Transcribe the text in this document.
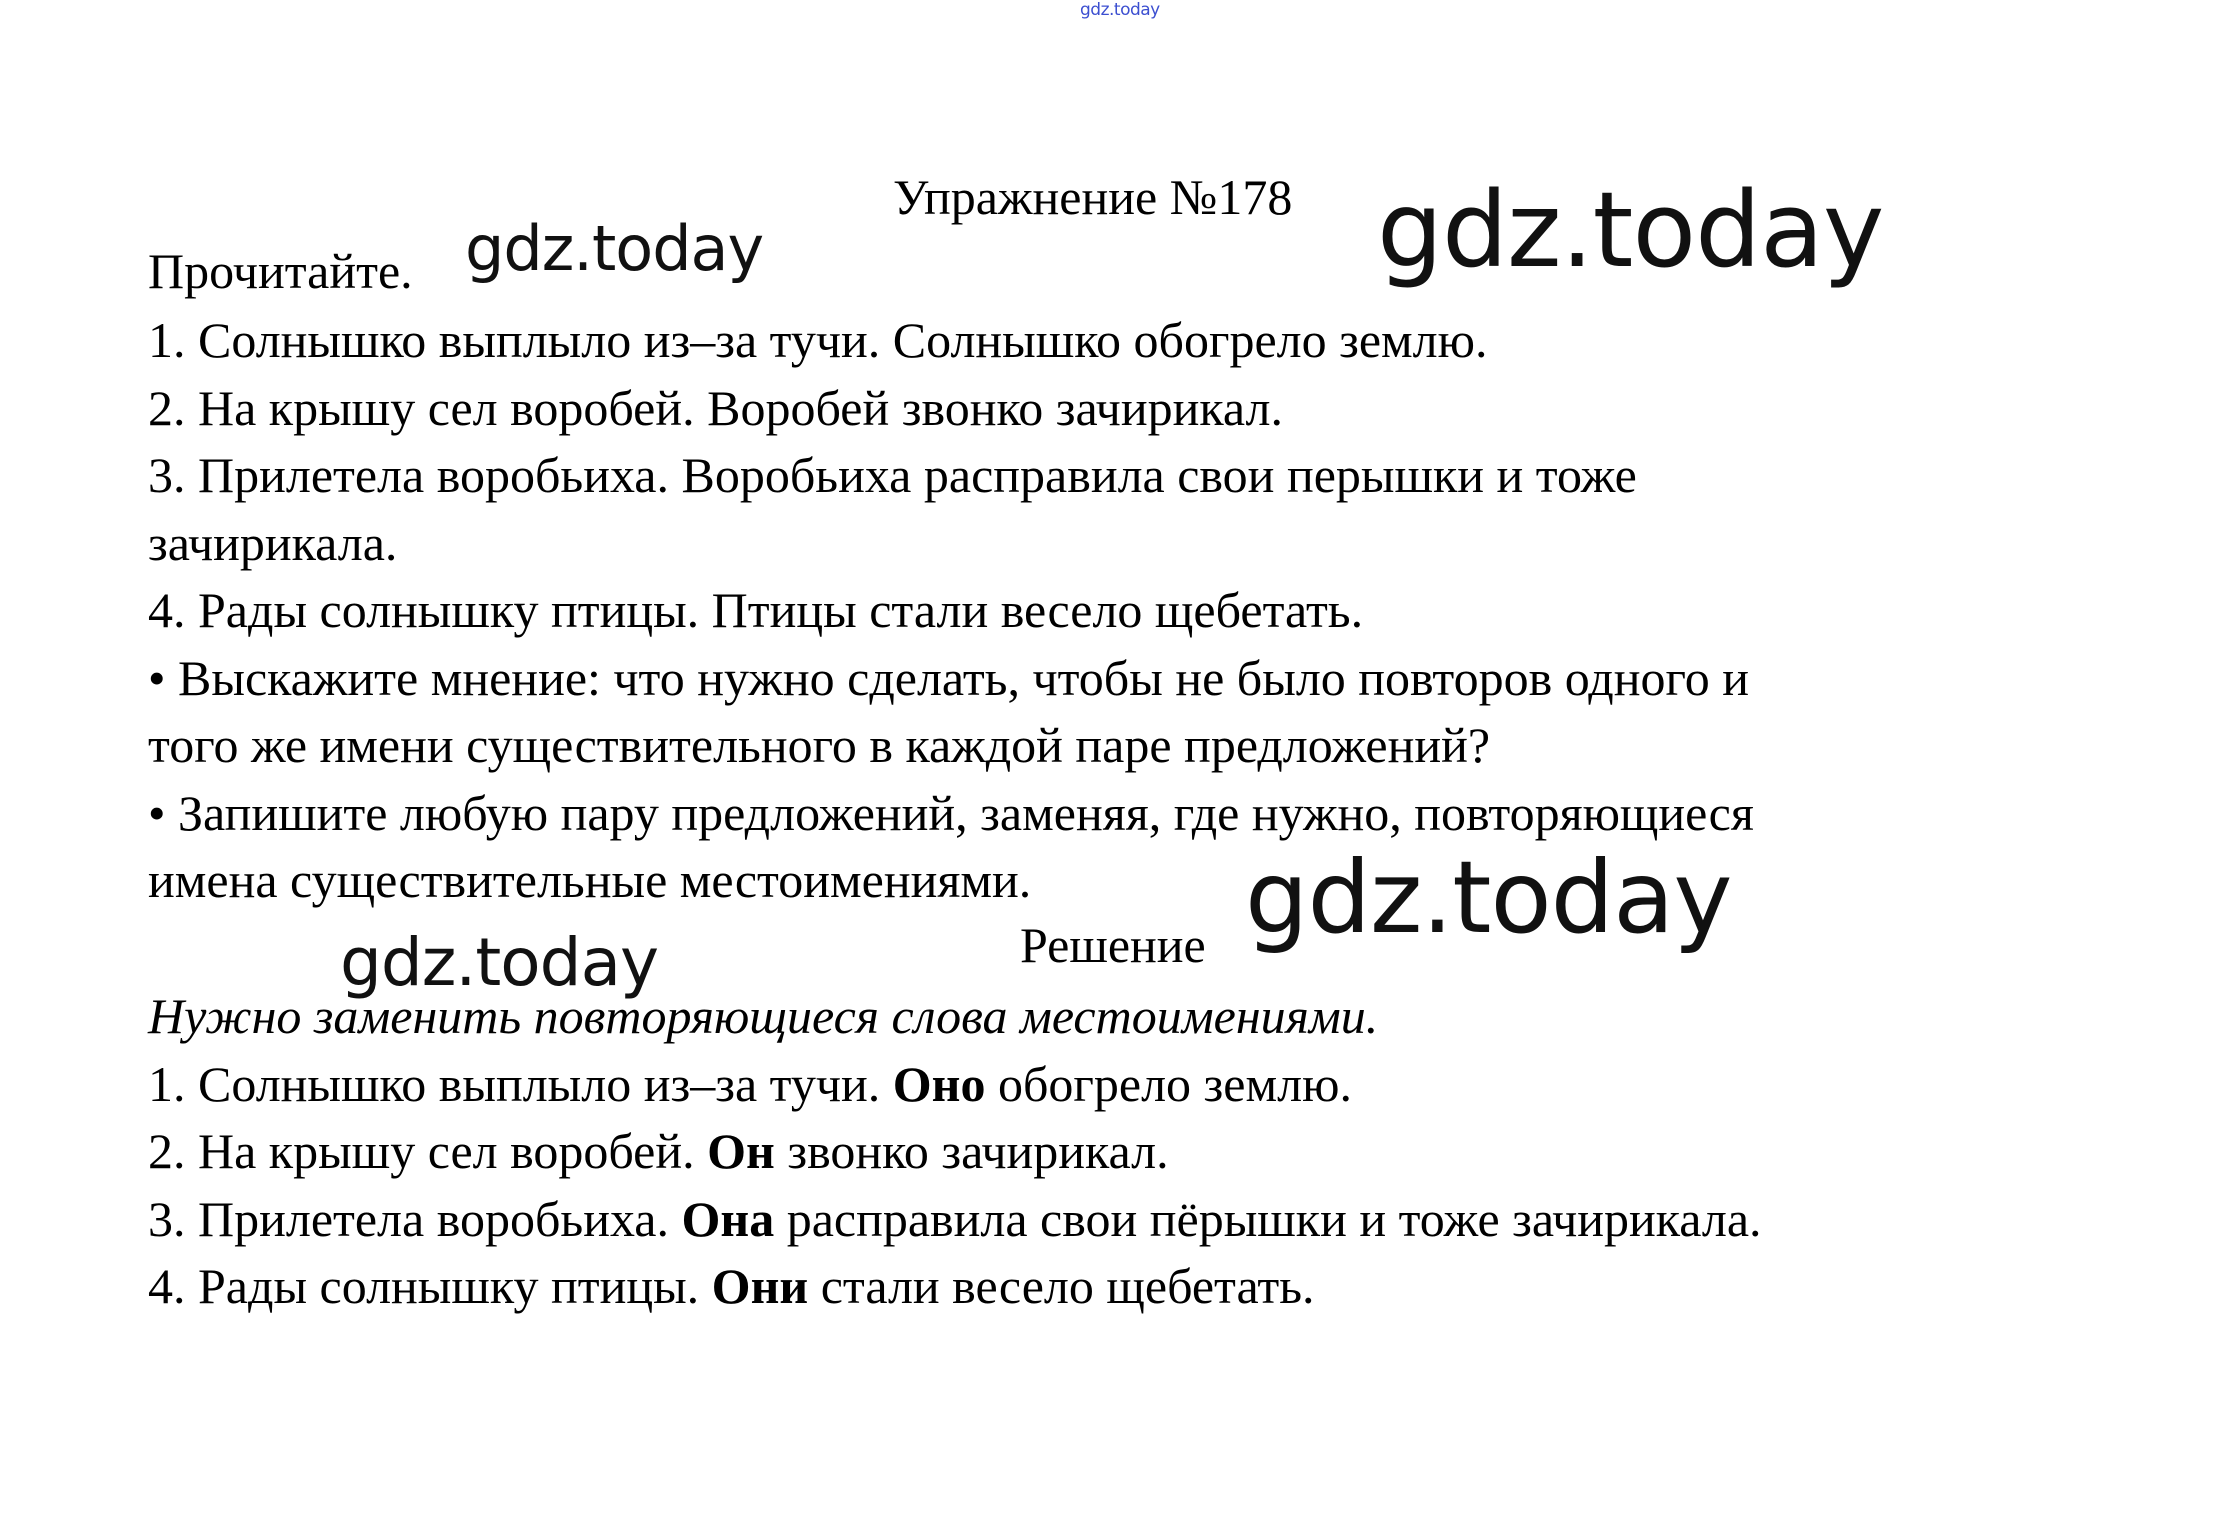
gdz.today
Упражнение №178
Прочитайте.
1. Солнышко выплыло из–за тучи. Солнышко обогрело землю.
2. На крышу сел воробей. Воробей звонко зачирикал.
3. Прилетела воробьиха. Воробьиха расправила свои перышки и тоже
зачирикала.
4. Рады солнышку птицы. Птицы стали весело щебетать.
• Выскажите мнение: что нужно сделать, чтобы не было повторов одного и
того же имени существительного в каждой паре предложений?
• Запишите любую пару предложений, заменяя, где нужно, повторяющиеся
имена существительные местоимениями.
Решение
Нужно заменить повторяющиеся слова местоимениями.
1. Солнышко выплыло из–за тучи. Оно обогрело землю.
2. На крышу сел воробей. Он звонко зачирикал.
3. Прилетела воробьиха. Она расправила свои пёрышки и тоже зачирикала.
4. Рады солнышку птицы. Они стали весело щебетать.
gdz.today	gdz.today
gdz.today
gdz.today
